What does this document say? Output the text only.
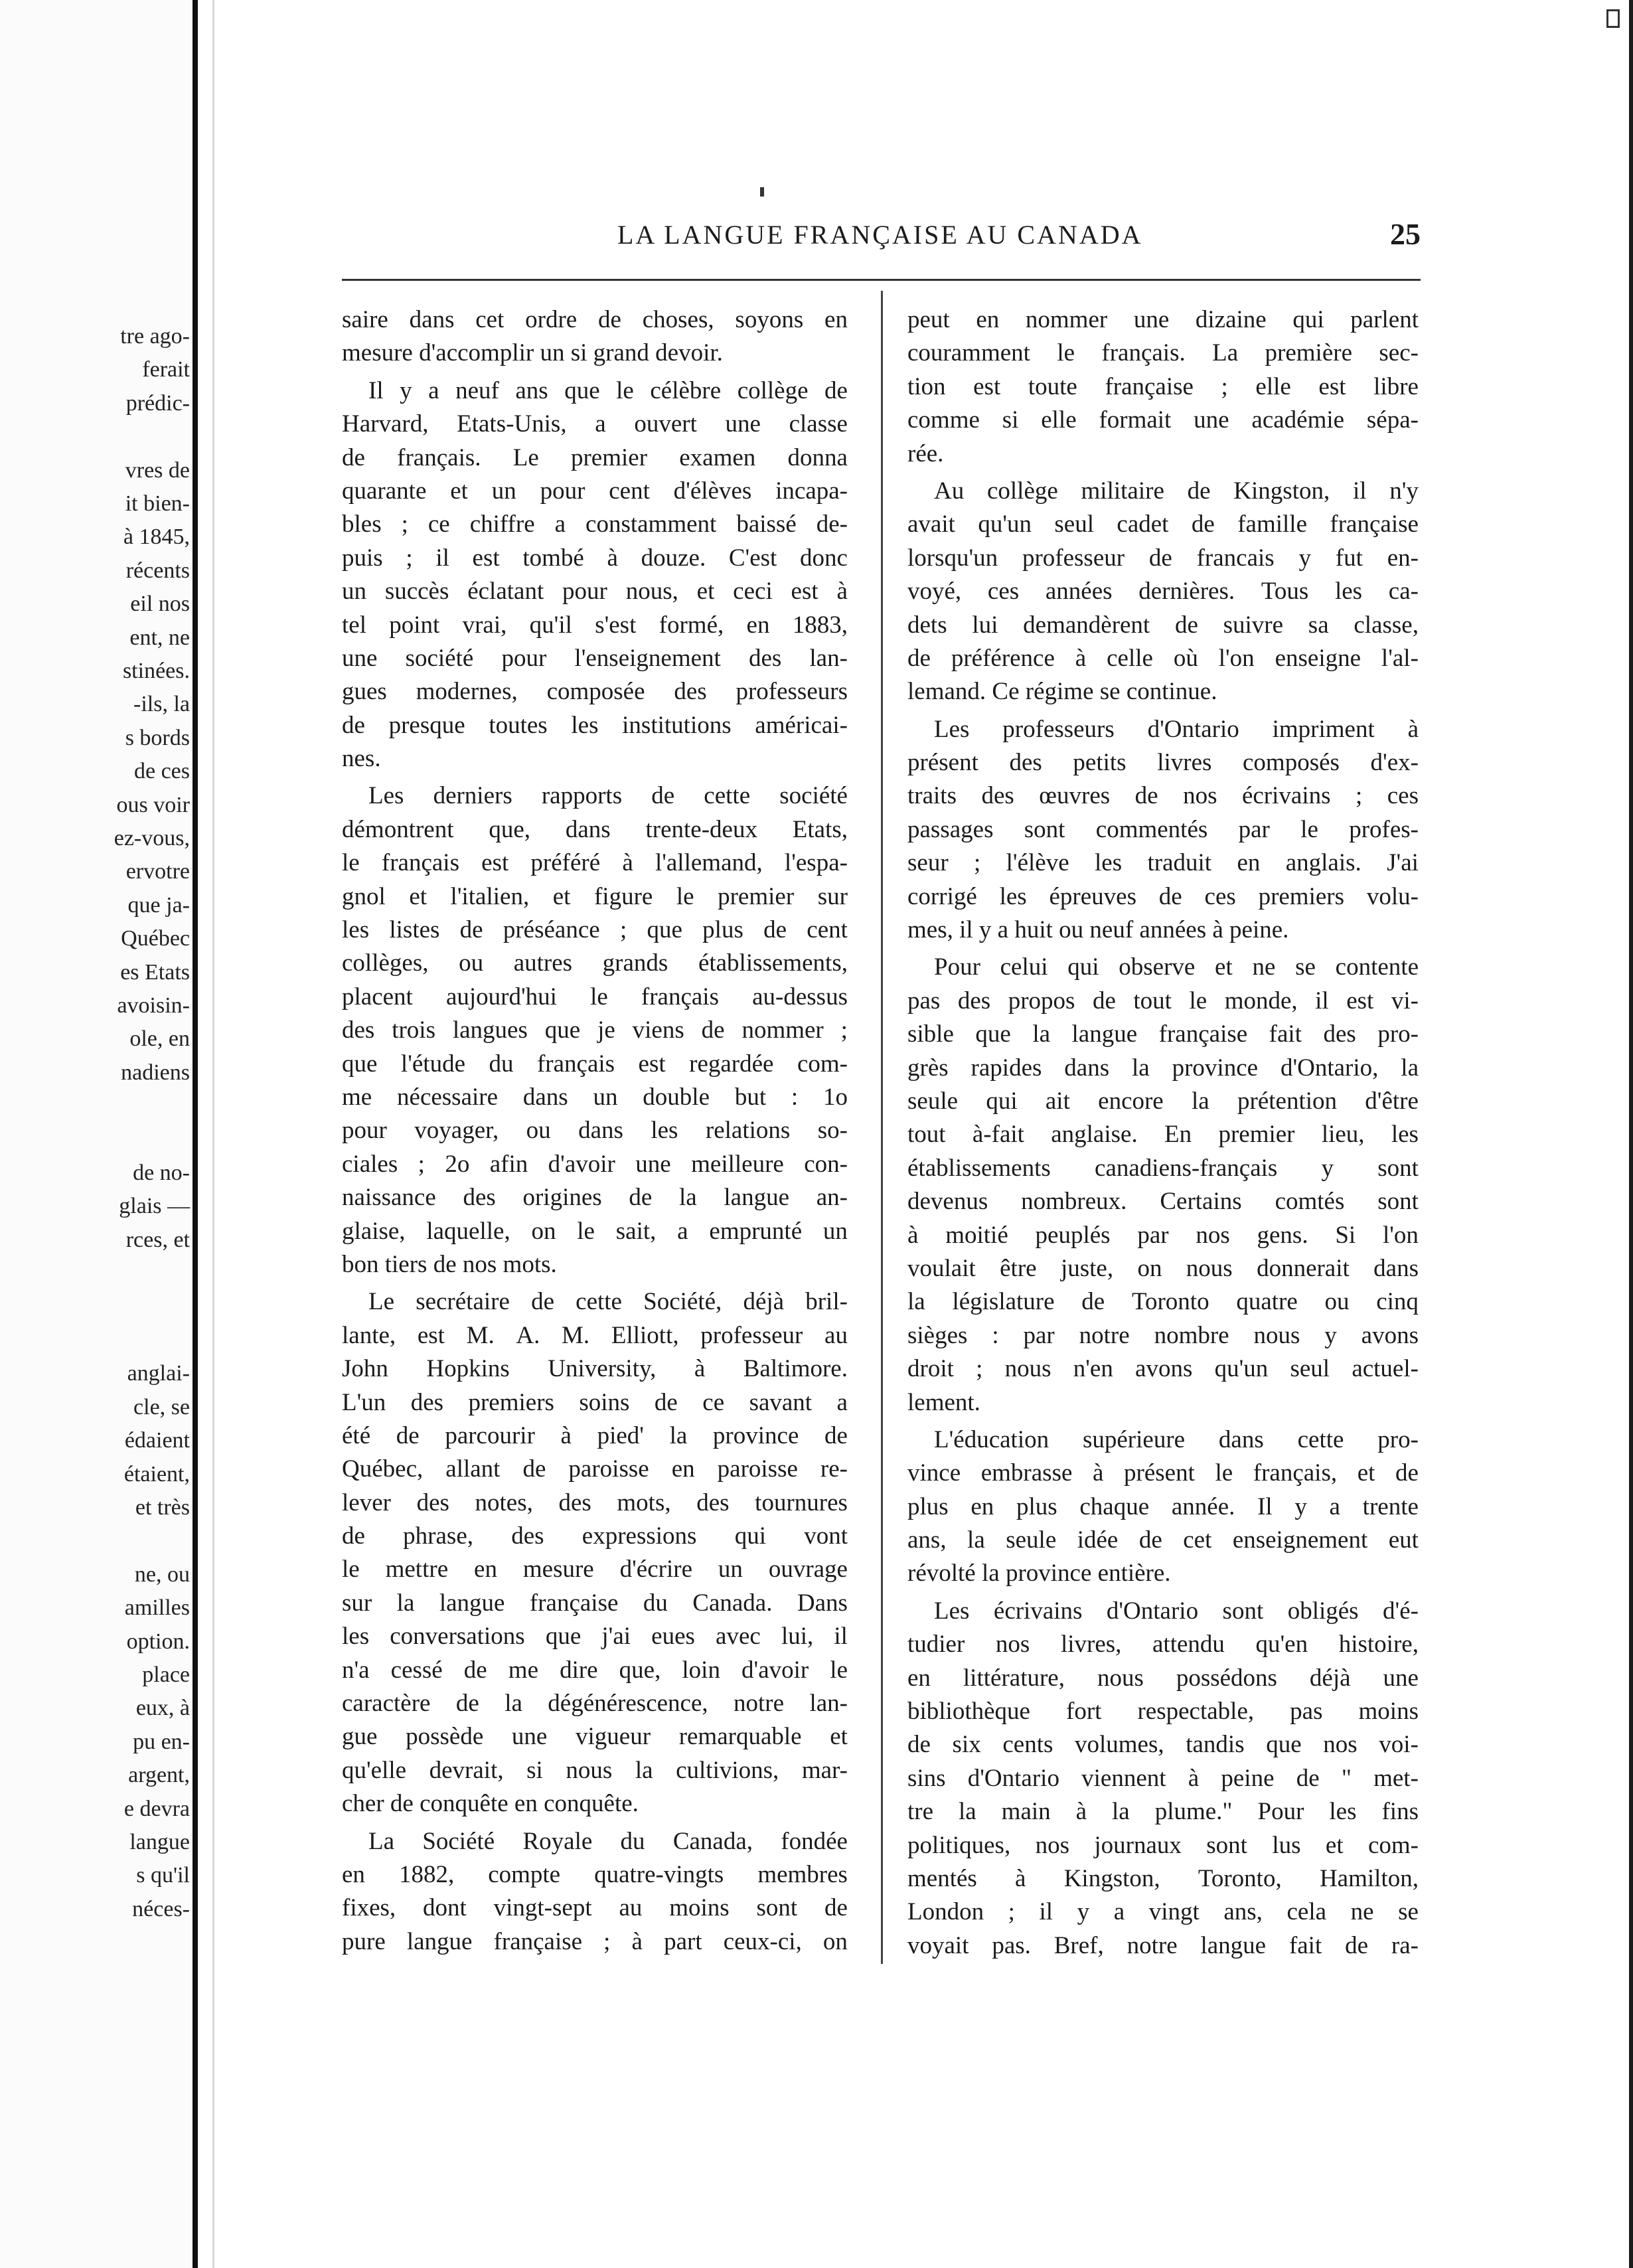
tre ago-
ferait
prédic-
vres de
it bien-
à 1845,
récents
eil nos
ent, ne
stinées.
-ils, la
s bords
de ces
ous voir
ez-vous,
ervotre
que ja-
Québec
es Etats
avoisin-
ole, en
nadiens
de no-
glais —
rces, et
anglai-
cle, se
édaient
étaient,
et très
ne, ou
amilles
option.
place
eux, à
pu en-
argent,
e devra
langue
s qu'il
néces-
LA LANGUE FRANÇAISE AU CANADA	25
saire dans cet ordre de choses, soyons en
mesure
d'accomplir
un
si
grand
devoir.
Il y a neuf ans que le célèbre collège de
Harvard, Etats-Unis, a ouvert une classe
de français. Le premier examen donna
quarante et un pour cent d'élèves incapa-
bles ; ce chiffre a constamment baissé de-
puis ; il est tombé à douze. C'est donc
un succès éclatant pour nous, et ceci est à
tel point vrai, qu'il s'est formé, en 1883,
une société pour l'enseignement des lan-
gues modernes, composée des professeurs
de presque toutes les institutions américai-
nes.
Les derniers rapports de cette société
démontrent que, dans trente-deux Etats,
le français est préféré à l'allemand, l'espa-
gnol et l'italien, et figure le premier sur
les listes de préséance ; que plus de cent
collèges, ou autres grands établissements,
placent aujourd'hui le français au-dessus
des trois langues que je viens de nommer ;
que l'étude du français est regardée com-
me nécessaire dans un double but : 1o
pour voyager, ou dans les relations so-
ciales ; 2o afin d'avoir une meilleure con-
naissance des origines de la langue an-
glaise, laquelle, on le sait, a emprunté un
bon
tiers
de
nos
mots.
Le secrétaire de cette Société, déjà bril-
lante, est M. A. M. Elliott, professeur au
John Hopkins University, à Baltimore.
L'un des premiers soins de ce savant a
été de parcourir à pied' la province de
Québec, allant de paroisse en paroisse re-
lever des notes, des mots, des tournures
de phrase, des expressions qui vont
le mettre en mesure d'écrire un ouvrage
sur la langue française du Canada. Dans
les conversations que j'ai eues avec lui, il
n'a cessé de me dire que, loin d'avoir le
caractère de la dégénérescence, notre lan-
gue possède une vigueur remarquable et
qu'elle devrait, si nous la cultivions, mar-
cher
de
conquête
en
conquête.
La Société Royale du Canada, fondée
en 1882, compte quatre-vingts membres
fixes, dont vingt-sept au moins sont de
pure langue française ; à part ceux-ci, on
peut en nommer une dizaine qui parlent
couramment le français. La première sec-
tion est toute française ; elle est libre
comme si elle formait une académie sépa-
rée.
Au collège militaire de Kingston, il n'y
avait qu'un seul cadet de famille française
lorsqu'un professeur de francais y fut en-
voyé, ces années dernières. Tous les ca-
dets lui demandèrent de suivre sa classe,
de préférence à celle où l'on enseigne l'al-
lemand.
Ce
régime
se
continue.
Les professeurs d'Ontario impriment à
présent des petits livres composés d'ex-
traits des œuvres de nos écrivains ; ces
passages sont commentés par le profes-
seur ; l'élève les traduit en anglais. J'ai
corrigé les épreuves de ces premiers volu-
mes,
il
y
a
huit
ou
neuf
années
à
peine.
Pour celui qui observe et ne se contente
pas des propos de tout le monde, il est vi-
sible que la langue française fait des pro-
grès rapides dans la province d'Ontario, la
seule qui ait encore la prétention d'être
tout à-fait anglaise. En premier lieu, les
établissements canadiens-français y sont
devenus nombreux. Certains comtés sont
à moitié peuplés par nos gens. Si l'on
voulait être juste, on nous donnerait dans
la législature de Toronto quatre ou cinq
sièges : par notre nombre nous y avons
droit ; nous n'en avons qu'un seul actuel-
lement.
L'éducation supérieure dans cette pro-
vince embrasse à présent le français, et de
plus en plus chaque année. Il y a trente
ans, la seule idée de cet enseignement eut
révolté
la
province
entière.
Les écrivains d'Ontario sont obligés d'é-
tudier nos livres, attendu qu'en histoire,
en littérature, nous possédons déjà une
bibliothèque fort respectable, pas moins
de six cents volumes, tandis que nos voi-
sins d'Ontario viennent à peine de " met-
tre la main à la plume." Pour les fins
politiques, nos journaux sont lus et com-
mentés à Kingston, Toronto, Hamilton,
London ; il y a vingt ans, cela ne se
voyait pas. Bref, notre langue fait de ra-
